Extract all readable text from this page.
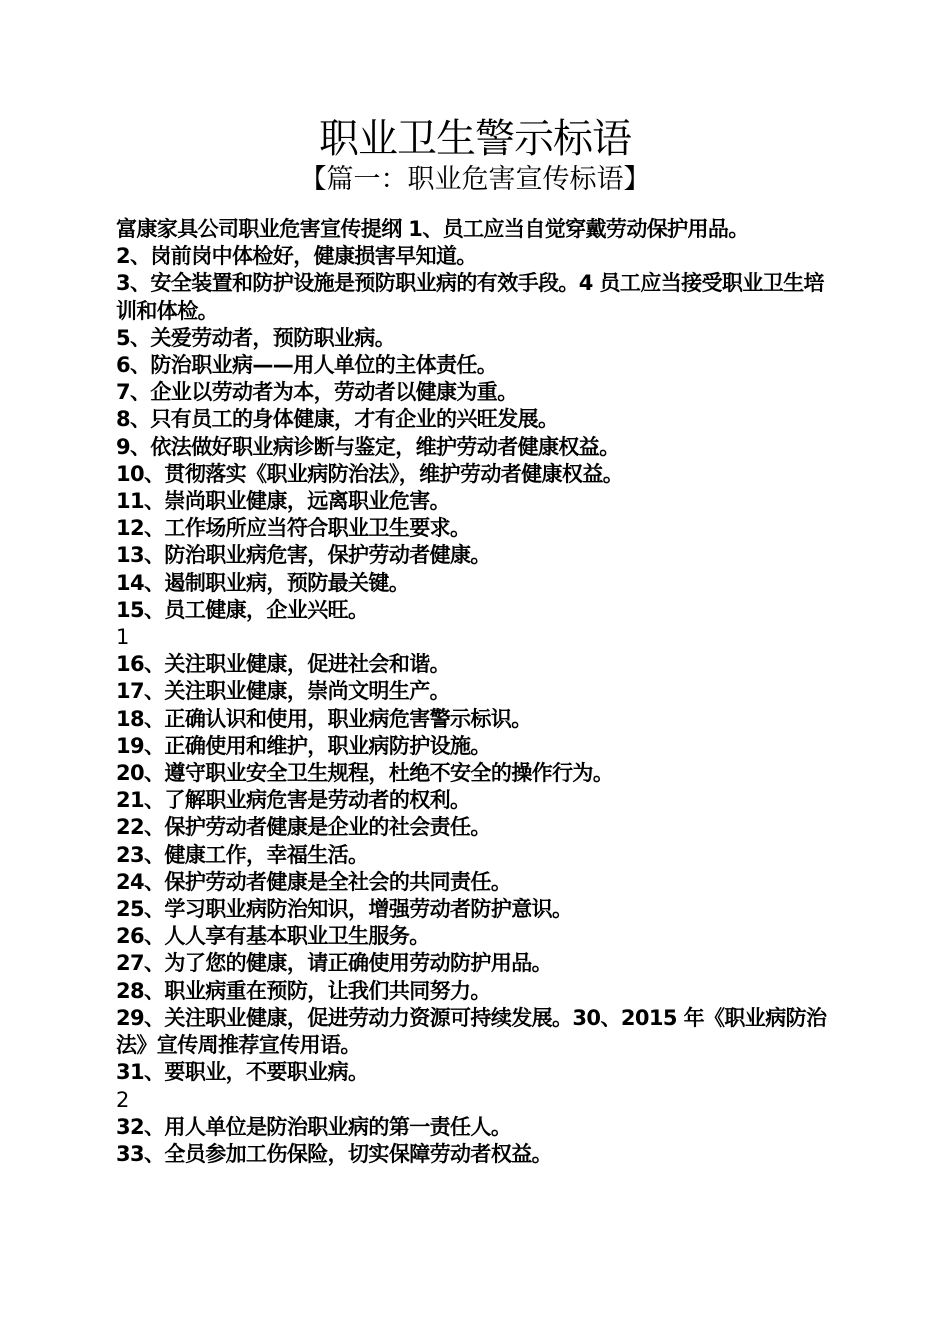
职业卫生警示标语
【篇一：职业危害宣传标语】
富康家具公司职业危害宣传提纲 1、员工应当自觉穿戴劳动保护用品。
2、岗前岗中体检好，健康损害早知道。
3、安全装置和防护设施是预防职业病的有效手段。4 员工应当接受职业卫生培训和体检。
5、关爱劳动者，预防职业病。
6、防治职业病——用人单位的主体责任。
7、企业以劳动者为本，劳动者以健康为重。
8、只有员工的身体健康，才有企业的兴旺发展。
9、依法做好职业病诊断与鉴定，维护劳动者健康权益。
10、贯彻落实《职业病防治法》，维护劳动者健康权益。
11、崇尚职业健康，远离职业危害。
12、工作场所应当符合职业卫生要求。
13、防治职业病危害，保护劳动者健康。
14、遏制职业病，预防最关键。
15、员工健康，企业兴旺。
1
16、关注职业健康，促进社会和谐。
17、关注职业健康，崇尚文明生产。
18、正确认识和使用，职业病危害警示标识。
19、正确使用和维护，职业病防护设施。
20、遵守职业安全卫生规程，杜绝不安全的操作行为。
21、了解职业病危害是劳动者的权利。
22、保护劳动者健康是企业的社会责任。
23、健康工作，幸福生活。
24、保护劳动者健康是全社会的共同责任。
25、学习职业病防治知识，增强劳动者防护意识。
26、人人享有基本职业卫生服务。
27、为了您的健康，请正确使用劳动防护用品。
28、职业病重在预防，让我们共同努力。
29、关注职业健康，促进劳动力资源可持续发展。30、2015 年《职业病防治法》宣传周推荐宣传用语。
31、要职业，不要职业病。
2
32、用人单位是防治职业病的第一责任人。
33、全员参加工伤保险，切实保障劳动者权益。
